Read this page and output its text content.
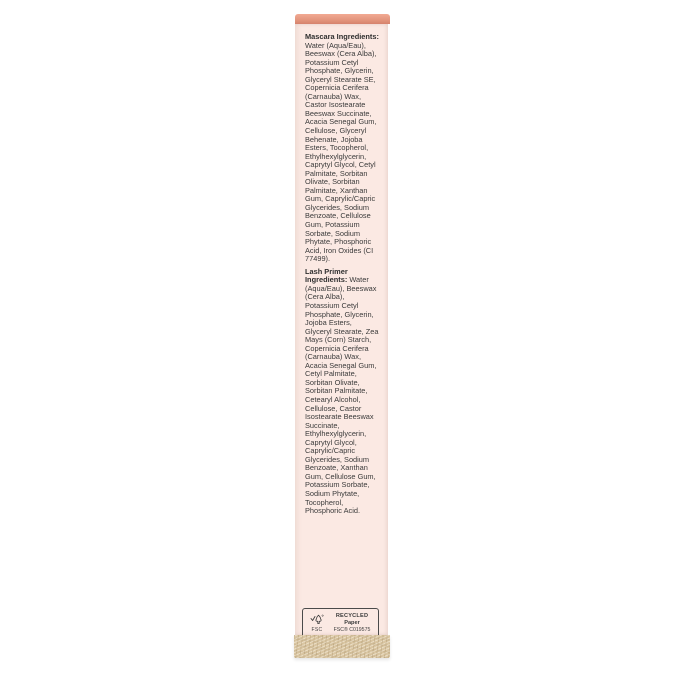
Mascara Ingredients: Water (Aqua/Eau), Beeswax (Cera Alba), Potassium Cetyl Phosphate, Glycerin, Glyceryl Stearate SE, Copernicia Cerifera (Carnauba) Wax, Castor Isostearate Beeswax Succinate, Acacia Senegal Gum, Cellulose, Glyceryl Behenate, Jojoba Esters, Tocopherol, Ethylhexylglycerin, Caprytyl Glycol, Cetyl Palmitate, Sorbitan Olivate, Sorbitan Palmitate, Xanthan Gum, Caprylic/Capric Glycerides, Sodium Benzoate, Cellulose Gum, Potassium Sorbate, Sodium Phytate, Phosphoric Acid, Iron Oxides (CI 77499).

Lash Primer Ingredients: Water (Aqua/Eau), Beeswax (Cera Alba), Potassium Cetyl Phosphate, Glycerin, Jojoba Esters, Glyceryl Stearate, Zea Mays (Corn) Starch, Copernicia Cerifera (Carnauba) Wax, Acacia Senegal Gum, Cetyl Palmitate, Sorbitan Olivate, Sorbitan Palmitate, Cetearyl Alcohol, Cellulose, Castor Isostearate Beeswax Succinate, Ethylhexylglycerin, Caprytyl Glycol, Caprylic/Capric Glycerides, Sodium Benzoate, Xanthan Gum, Cellulose Gum, Potassium Sorbate, Sodium Phytate, Tocopherol, Phosphoric Acid.

FSC
RECYCLED
Paper
FSC® C019575
